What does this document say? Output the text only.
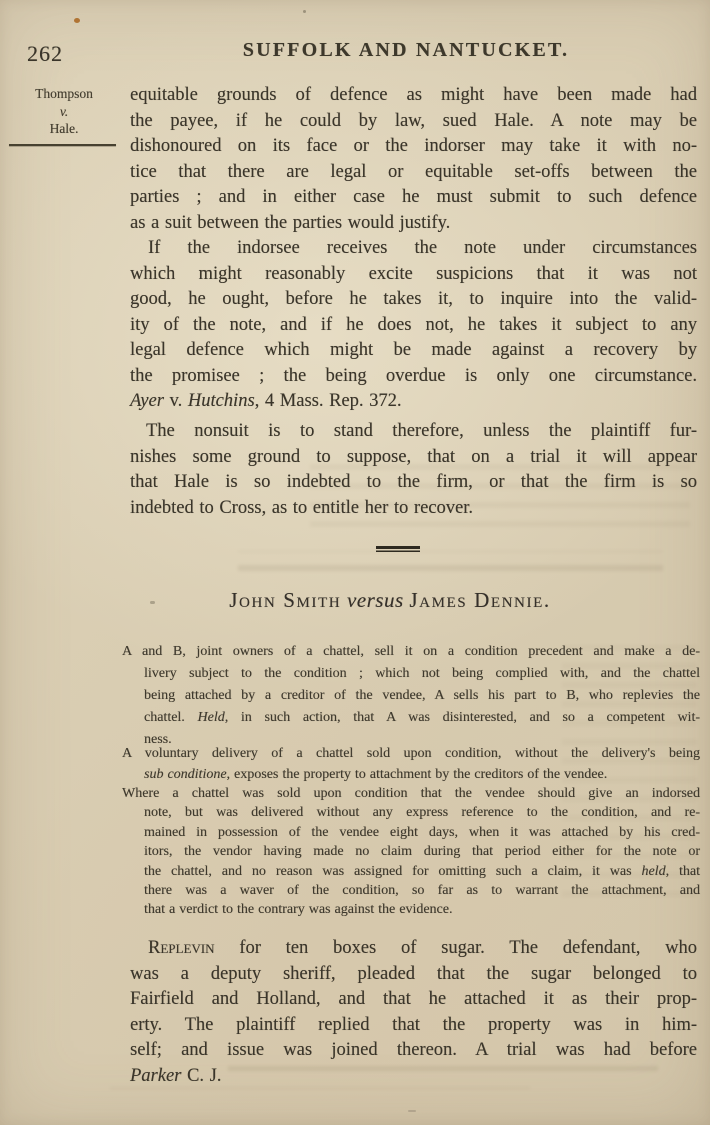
262	SUFFOLK AND NANTUCKET.
Thompson
v.
Hale.
equitable grounds of defence as might have been made had
the payee, if he could by law, sued Hale. A note may be
dishonoured on its face or the indorser may take it with no-
tice that there are legal or equitable set-offs between the
parties ; and in either case he must submit to such defence
as a suit between the parties would justify.
If the indorsee receives the note under circumstances
which might reasonably excite suspicions that it was not
good, he ought, before he takes it, to inquire into the valid-
ity of the note, and if he does not, he takes it subject to any
legal defence which might be made against a recovery by
the promisee ; the being overdue is only one circumstance.
Ayer v. Hutchins, 4 Mass. Rep. 372.
The nonsuit is to stand therefore, unless the plaintiff fur-
nishes some ground to suppose, that on a trial it will appear
that Hale is so indebted to the firm, or that the firm is so
indebted to Cross, as to entitle her to recover.
John Smith versus James Dennie.
A and B, joint owners of a chattel, sell it on a condition precedent and make a de-
livery subject to the condition ; which not being complied with, and the chattel
being attached by a creditor of the vendee, A sells his part to B, who replevies the
chattel. Held, in such action, that A was disinterested, and so a competent wit-
ness.
A voluntary delivery of a chattel sold upon condition, without the delivery's being
sub conditione, exposes the property to attachment by the creditors of the vendee.
Where a chattel was sold upon condition that the vendee should give an indorsed
note, but was delivered without any express reference to the condition, and re-
mained in possession of the vendee eight days, when it was attached by his cred-
itors, the vendor having made no claim during that period either for the note or
the chattel, and no reason was assigned for omitting such a claim, it was held, that
there was a waver of the condition, so far as to warrant the attachment, and
that a verdict to the contrary was against the evidence.
Replevin for ten boxes of sugar. The defendant, who
was a deputy sheriff, pleaded that the sugar belonged to
Fairfield and Holland, and that he attached it as their prop-
erty. The plaintiff replied that the property was in him-
self; and issue was joined thereon. A trial was had before
Parker C. J.
